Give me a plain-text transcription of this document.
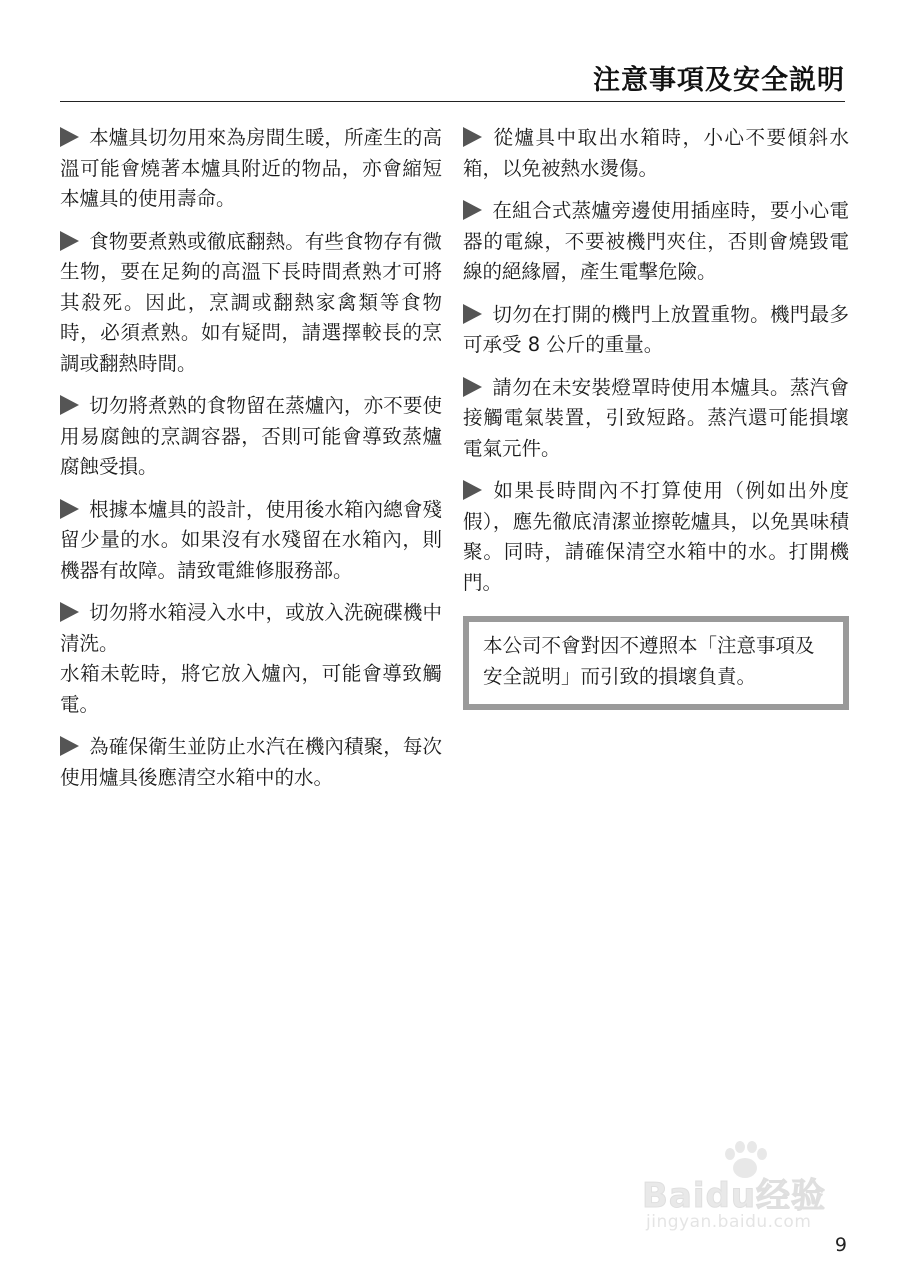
注意事項及安全説明

本爐具切勿用來為房間生暖，所產生的高溫可能會燒著本爐具附近的物品，亦會縮短本爐具的使用壽命。

食物要煮熟或徹底翻熱。有些食物存有微生物，要在足夠的高溫下長時間煮熟才可將其殺死。因此，烹調或翻熱家禽類等食物時，必須煮熟。如有疑問，請選擇較長的烹調或翻熱時間。

切勿將煮熟的食物留在蒸爐內，亦不要使用易腐蝕的烹調容器，否則可能會導致蒸爐腐蝕受損。

根據本爐具的設計，使用後水箱內總會殘留少量的水。如果沒有水殘留在水箱內，則機器有故障。請致電維修服務部。

切勿將水箱浸入水中，或放入洗碗碟機中清洗。

水箱未乾時，將它放入爐內，可能會導致觸電。

為確保衛生並防止水汽在機內積聚，每次使用爐具後應清空水箱中的水。

從爐具中取出水箱時，小心不要傾斜水箱，以免被熱水燙傷。

在組合式蒸爐旁邊使用插座時，要小心電器的電線，不要被機門夾住，否則會燒毀電線的絕緣層，產生電擊危險。

切勿在打開的機門上放置重物。機門最多可承受 8 公斤的重量。

請勿在未安裝燈罩時使用本爐具。蒸汽會接觸電氣裝置，引致短路。蒸汽還可能損壞電氣元件。

如果長時間內不打算使用（例如出外度假），應先徹底清潔並擦乾爐具，以免異味積聚。同時，請確保清空水箱中的水。打開機門。

本公司不會對因不遵照本「注意事項及安全説明」而引致的損壞負責。
Baidu经验
jingyan.baidu.com
9
